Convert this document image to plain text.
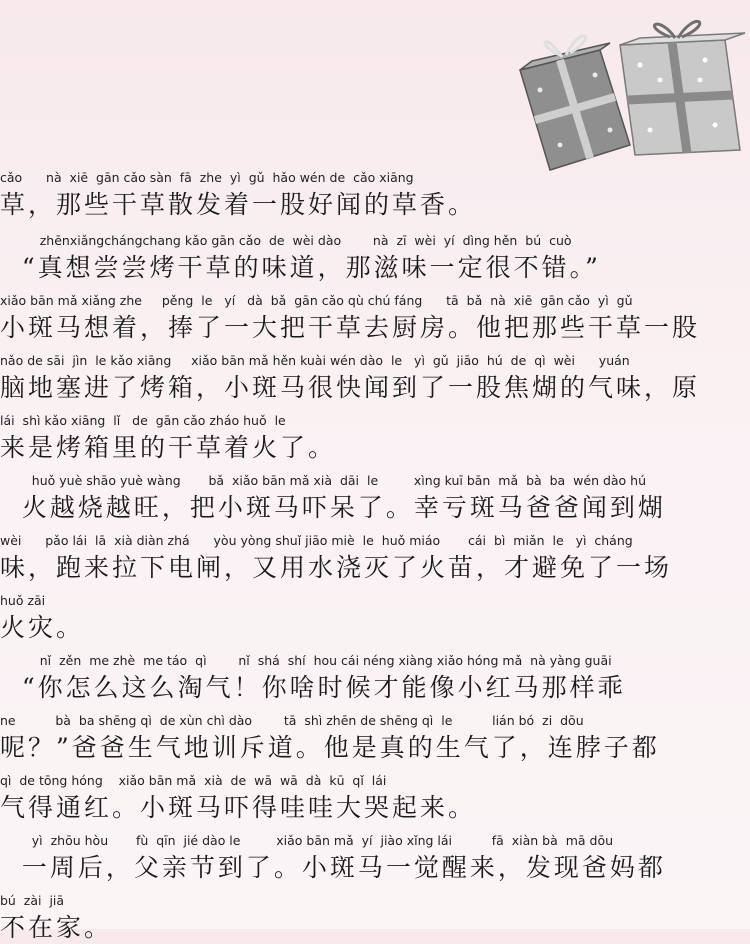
cǎo      nà  xiē  gān cǎo sàn  fā  zhe  yì  gǔ  hǎo wén de  cǎo xiāng
草，那些干草散发着一股好闻的草香。
zhēnxiǎngchángchang kǎo gān cǎo  de  wèi dào        nà  zī  wèi  yí  dìng hěn  bú  cuò
“真想尝尝烤干草的味道，那滋味一定很不错。”
xiǎo bān mǎ xiǎng zhe     pěng  le   yí   dà  bǎ  gān cǎo qù chú fáng      tā  bǎ  nà  xiē  gān cǎo  yì  gǔ
小斑马想着，捧了一大把干草去厨房。他把那些干草一股
nǎo de sāi  jìn  le kǎo xiāng     xiǎo bān mǎ hěn kuài wén dào  le   yì  gǔ  jiāo  hú  de  qì  wèi      yuán
脑地塞进了烤箱，小斑马很快闻到了一股焦煳的气味，原
lái  shì kǎo xiāng  lǐ   de  gān cǎo zháo huǒ  le
来是烤箱里的干草着火了。
huǒ yuè shāo yuè wàng       bǎ  xiǎo bān mǎ xià  dāi  le         xìng kuī bān  mǎ  bà  ba  wén dào hú
火越烧越旺，把小斑马吓呆了。幸亏斑马爸爸闻到煳
wèi      pǎo lái  lā  xià diàn zhá      yòu yòng shuǐ jiāo miè  le  huǒ miáo       cái  bì  miǎn  le   yì  cháng
味，跑来拉下电闸，又用水浇灭了火苗，才避免了一场
huǒ zāi
火灾。
nǐ  zěn  me zhè  me táo  qì        nǐ  shá  shí  hou cái néng xiàng xiǎo hóng mǎ  nà yàng guāi
“你怎么这么淘气！你啥时候才能像小红马那样乖
ne          bà  ba shēng qì  de xùn chì dào        tā  shì zhēn de shēng qì  le          lián bó  zi  dōu
呢？”爸爸生气地训斥道。他是真的生气了，连脖子都
qì  de tōng hóng    xiǎo bān mǎ  xià  de  wā  wā  dà  kū  qǐ  lái
气得通红。小斑马吓得哇哇大哭起来。
yì  zhōu hòu       fù  qīn  jié dào le         xiǎo bān mǎ  yí  jiào xǐng lái          fā  xiàn bà  mā dōu
一周后，父亲节到了。小斑马一觉醒来，发现爸妈都
bú  zài  jiā
不在家。
